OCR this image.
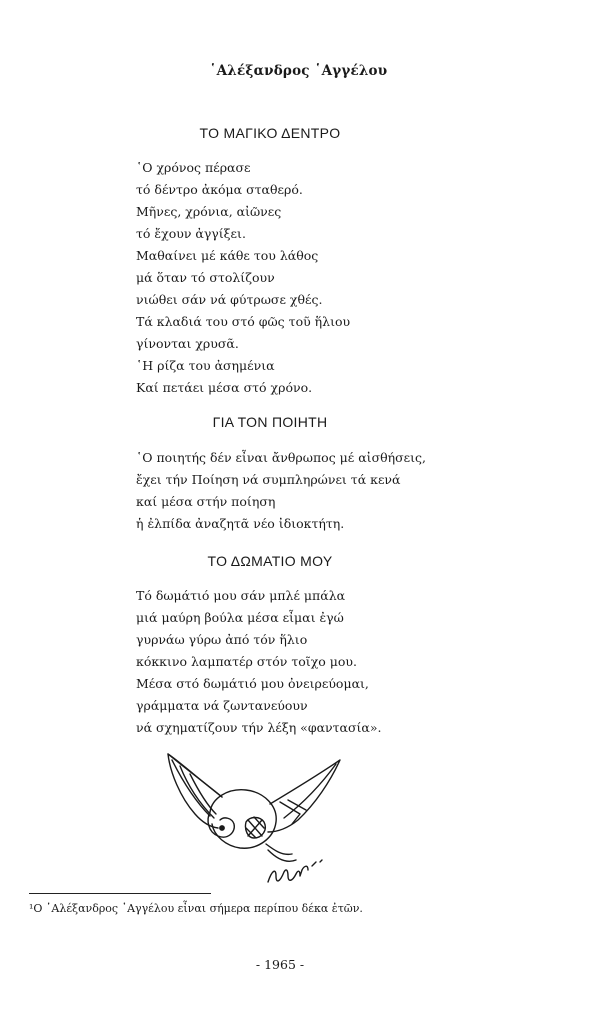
῾Αλέξανδρος ῾Αγγέλου
ΤΟ ΜΑΓΙΚΟ ΔΕΝΤΡΟ
῾Ο χρόνος πέρασε
τό δέντρο ἀκόμα σταθερό.
Μῆνες, χρόνια, αἰῶνες
τό ἔχουν ἀγγίξει.
Μαθαίνει μέ κάθε του λάθος
μά ὅταν τό στολίζουν
νιώθει σάν νά φύτρωσε χθές.
Τά κλαδιά του στό φῶς τοῦ ἥλιου
γίνονται χρυσᾶ.
῾Η ρίζα του ἀσημένια
Καί πετάει μέσα στό χρόνο.
ΓΙΑ ΤΟΝ ΠΟΙΗΤΗ
῾Ο ποιητής δέν εἶναι ἄνθρωπος μέ αἰσθήσεις,
ἔχει τήν Ποίηση νά συμπληρώνει τά κενά
καί μέσα στήν ποίηση
ἡ ἐλπίδα ἀναζητᾶ νέο ἰδιοκτήτη.
ΤΟ ΔΩΜΑΤΙΟ ΜΟΥ
Τό δωμάτιό μου σάν μπλέ μπάλα
μιά μαύρη βούλα μέσα εἶμαι ἐγώ
γυρνάω γύρω ἀπό τόν ἥλιο
κόκκινο λαμπατέρ στόν τοῖχο μου.
Μέσα στό δωμάτιό μου ὀνειρεύομαι,
γράμματα νά ζωντανεύουν
νά σχηματίζουν τήν λέξη «φαντασία».
¹Ο ῾Αλέξανδρος ῾Αγγέλου εἶναι σήμερα περίπου δέκα ἐτῶν.
- 1965 -
